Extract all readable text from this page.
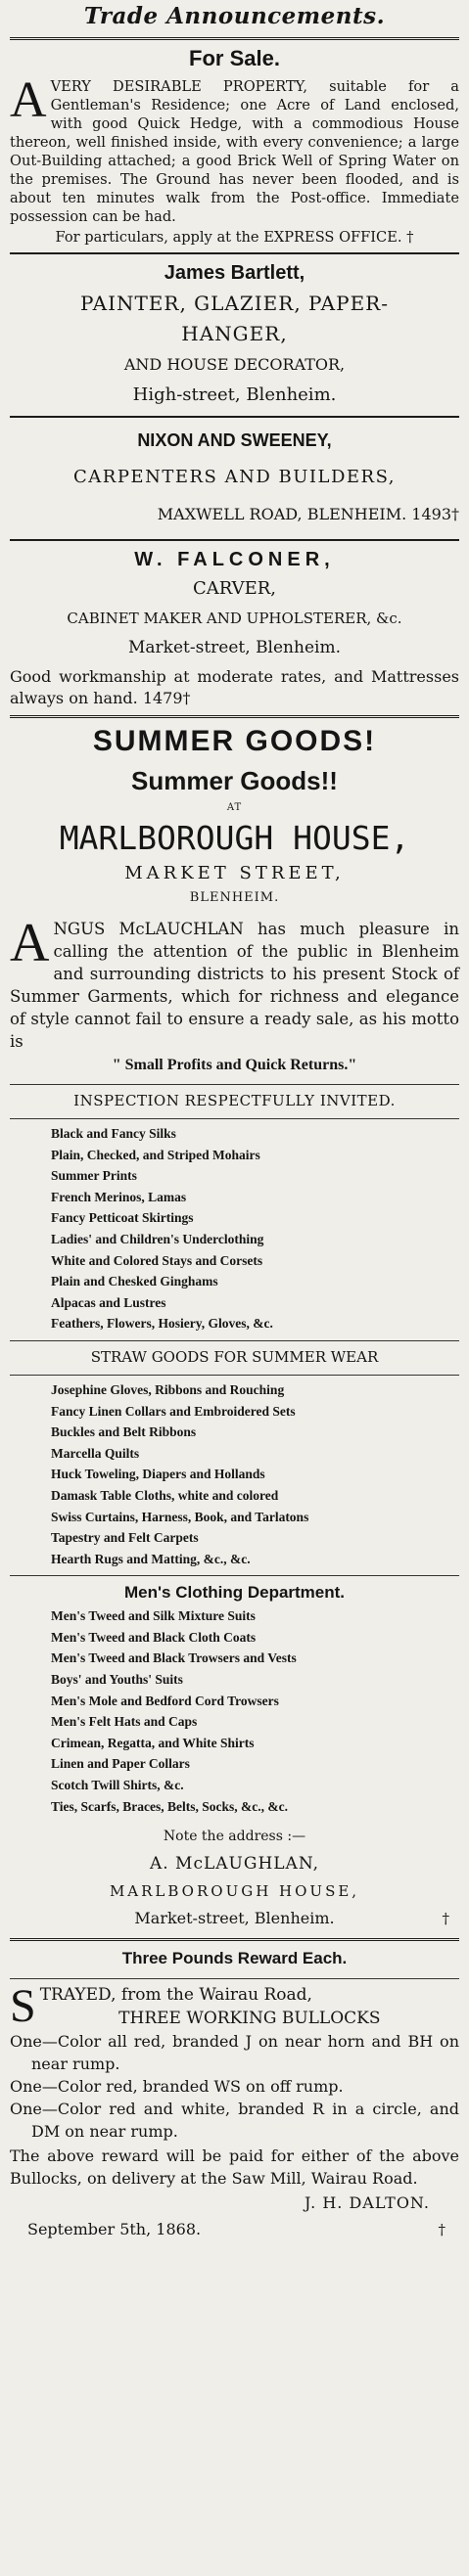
Trade Announcements.
For Sale.
A VERY DESIRABLE PROPERTY, suitable for a Gentleman's Residence; one Acre of Land enclosed, with good Quick Hedge, with a commodious House thereon, well finished inside, with every convenience; a large Out-Building attached; a good Brick Well of Spring Water on the premises. The Ground has never been flooded, and is about ten minutes walk from the Post-office. Immediate possession can be had.
For particulars, apply at the EXPRESS OFFICE. †
James Bartlett,
PAINTER, GLAZIER, PAPER-
HANGER,
AND HOUSE DECORATOR,
High-street, Blenheim.
NIXON AND SWEENEY,
CARPENTERS AND BUILDERS,
MAXWELL ROAD, BLENHEIM. 1493†
W. FALCONER,
CARVER,
CABINET MAKER AND UPHOLSTERER, &c.
Market-street, Blenheim.
Good workmanship at moderate rates, and Mattresses always on hand. 1479†
SUMMER GOODS!
Summer Goods!!
AT
MARLBOROUGH HOUSE,
MARKET STREET,
BLENHEIM.
A NGUS McLAUCHLAN has much pleasure in calling the attention of the public in Blenheim and surrounding districts to his present Stock of Summer Garments, which for richness and elegance of style cannot fail to ensure a ready sale, as his motto is
" Small Profits and Quick Returns."
INSPECTION RESPECTFULLY INVITED.
Black and Fancy Silks
Plain, Checked, and Striped Mohairs
Summer Prints
French Merinos, Lamas
Fancy Petticoat Skirtings
Ladies' and Children's Underclothing
White and Colored Stays and Corsets
Plain and Chesked Ginghams
Alpacas and Lustres
Feathers, Flowers, Hosiery, Gloves, &c.
STRAW GOODS FOR SUMMER WEAR
Josephine Gloves, Ribbons and Rouching
Fancy Linen Collars and Embroidered Sets
Buckles and Belt Ribbons
Marcella Quilts
Huck Toweling, Diapers and Hollands
Damask Table Cloths, white and colored
Swiss Curtains, Harness, Book, and Tarlatons
Tapestry and Felt Carpets
Hearth Rugs and Matting, &c., &c.
Men's Clothing Department.
Men's Tweed and Silk Mixture Suits
Men's Tweed and Black Cloth Coats
Men's Tweed and Black Trowsers and Vests
Boys' and Youths' Suits
Men's Mole and Bedford Cord Trowsers
Men's Felt Hats and Caps
Crimean, Regatta, and White Shirts
Linen and Paper Collars
Scotch Twill Shirts, &c.
Ties, Scarfs, Braces, Belts, Socks, &c., &c.
Note the address :—
A. McLAUGHLAN,
MARLBOROUGH HOUSE,
Market-street, Blenheim.	†
Three Pounds Reward Each.
S TRAYED, from the Wairau Road,
THREE WORKING BULLOCKS
One—Color all red, branded J on near horn and BH on near rump.
One—Color red, branded WS on off rump.
One—Color red and white, branded R in a circle, and DM on near rump.
The above reward will be paid for either of the above Bullocks, on delivery at the Saw Mill, Wairau Road.
J. H. DALTON.
September 5th, 1868.	†
